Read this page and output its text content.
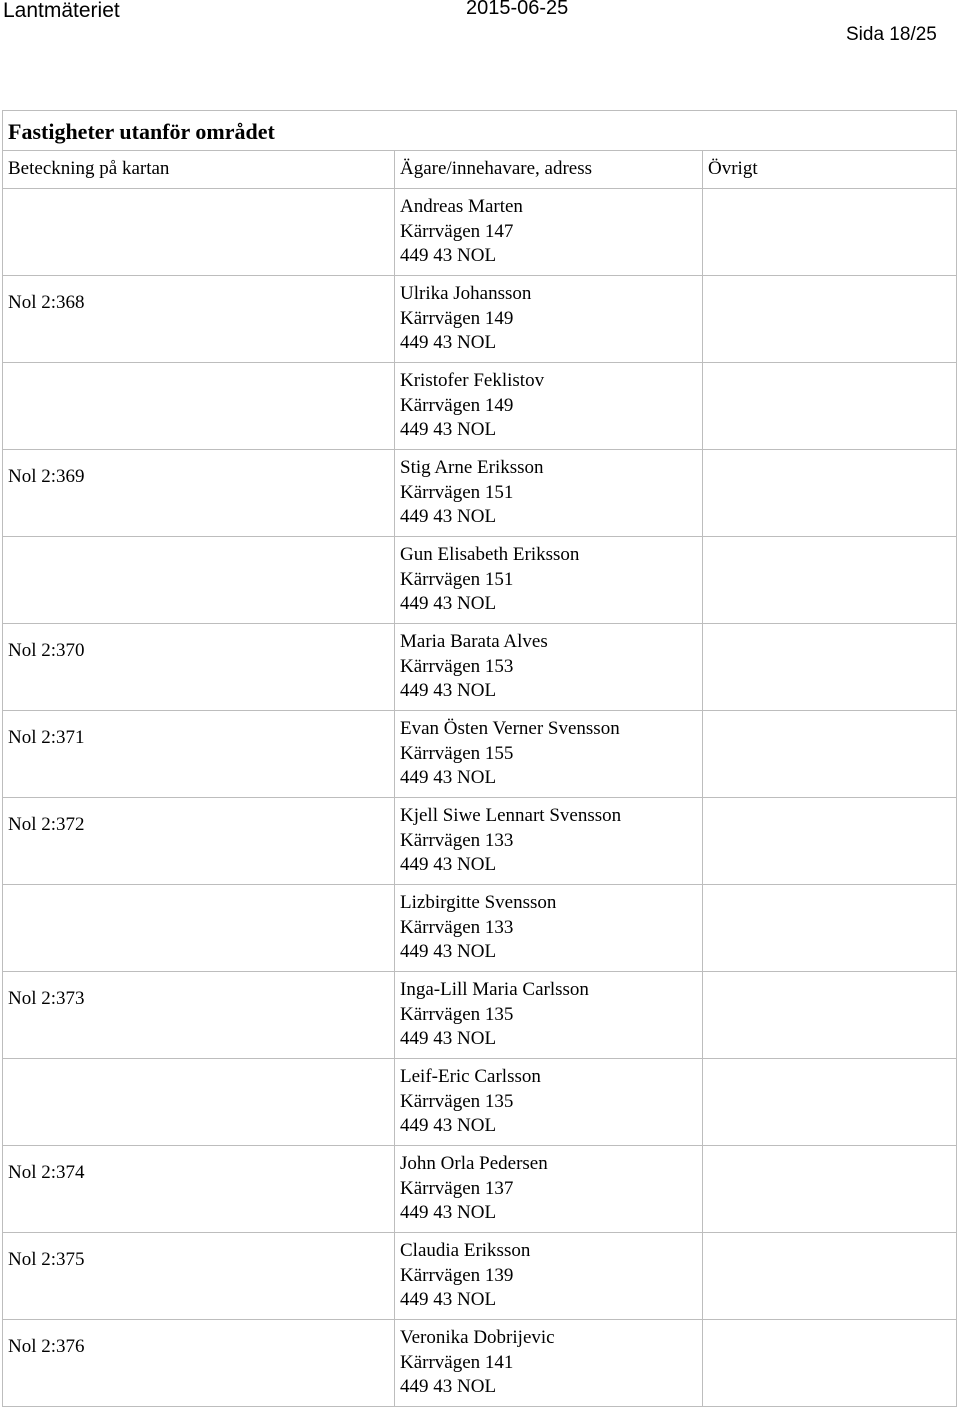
Lantmäteriet	2015-06-25
Sida 18/25
Fastigheter utanför området		
Beteckning på kartan	Ägare/innehavare, adress	Övrigt

	Andreas Marten
Kärrvägen 147
449 43 NOL	

Nol 2:368	Ulrika Johansson
Kärrvägen 149
449 43 NOL	

	Kristofer Feklistov
Kärrvägen 149
449 43 NOL	

Nol 2:369	Stig Arne Eriksson
Kärrvägen 151
449 43 NOL	

	Gun Elisabeth Eriksson
Kärrvägen 151
449 43 NOL	

Nol 2:370	Maria Barata Alves
Kärrvägen 153
449 43 NOL	

Nol 2:371	Evan Östen Verner Svensson
Kärrvägen 155
449 43 NOL	

Nol 2:372	Kjell Siwe Lennart Svensson
Kärrvägen 133
449 43 NOL	

	Lizbirgitte Svensson
Kärrvägen 133
449 43 NOL	

Nol 2:373	Inga-Lill Maria Carlsson
Kärrvägen 135
449 43 NOL	

	Leif-Eric Carlsson
Kärrvägen 135
449 43 NOL	

Nol 2:374	John Orla Pedersen
Kärrvägen 137
449 43 NOL	

Nol 2:375	Claudia Eriksson
Kärrvägen 139
449 43 NOL	

Nol 2:376	Veronika Dobrijevic
Kärrvägen 141
449 43 NOL	
